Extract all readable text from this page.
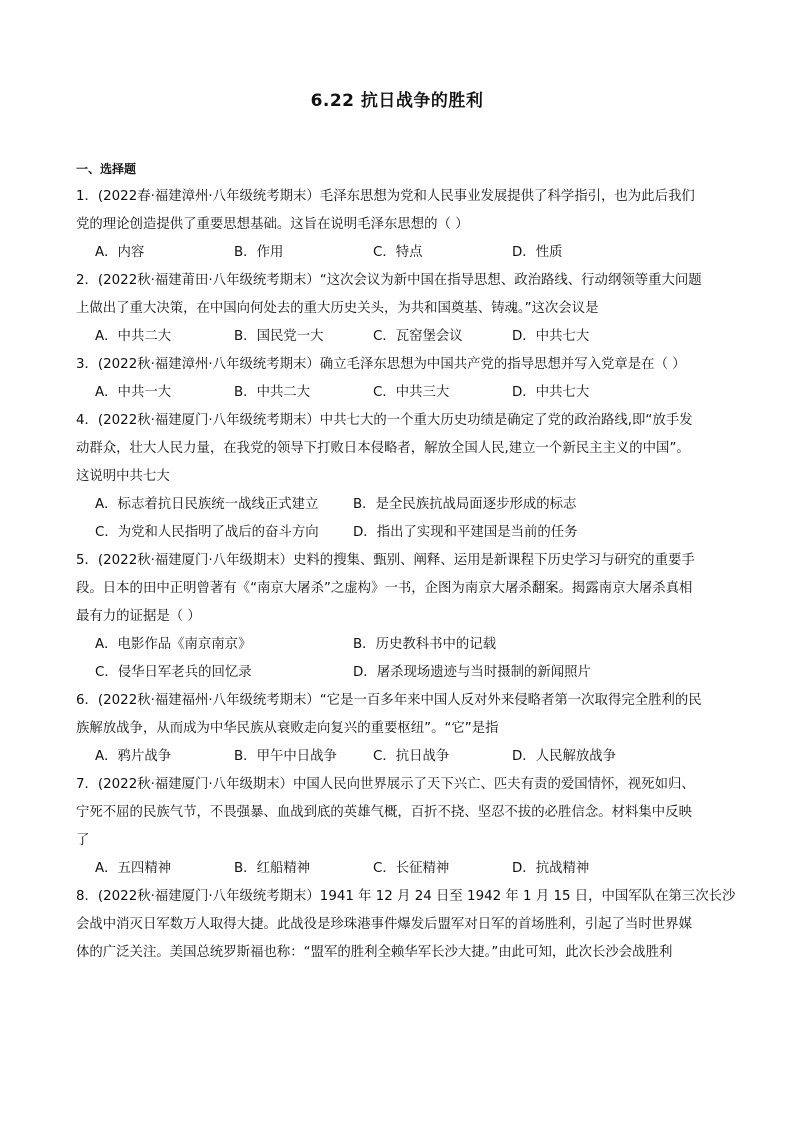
6.22 抗日战争的胜利
一、选择题
1．(2022春·福建漳州·八年级统考期末）毛泽东思想为党和人民事业发展提供了科学指引，也为此后我们
党的理论创造提供了重要思想基础。这旨在说明毛泽东思想的（ ）
A．内容	B．作用	C．特点	D．性质
2．(2022秋·福建莆田·八年级统考期末）“这次会议为新中国在指导思想、政治路线、行动纲领等重大问题
上做出了重大决策，在中国向何处去的重大历史关头，为共和国奠基、铸魂。”这次会议是
A．中共二大	B．国民党一大	C．瓦窑堡会议	D．中共七大
3．(2022秋·福建漳州·八年级统考期末）确立毛泽东思想为中国共产党的指导思想并写入党章是在（ ）
A．中共一大	B．中共二大	C．中共三大	D．中共七大
4．(2022秋·福建厦门·八年级统考期末）中共七大的一个重大历史功绩是确定了党的政治路线,即“放手发
动群众，壮大人民力量，在我党的领导下打败日本侵略者，解放全国人民,建立一个新民主主义的中国”。
这说明中共七大
A．标志着抗日民族统一战线正式建立	B．是全民族抗战局面逐步形成的标志
C．为党和人民指明了战后的奋斗方向	D．指出了实现和平建国是当前的任务
5．(2022秋·福建厦门·八年级期末）史料的搜集、甄别、阐释、运用是新课程下历史学习与研究的重要手
段。日本的田中正明曾著有《“南京大屠杀”之虚构》一书，企图为南京大屠杀翻案。揭露南京大屠杀真相
最有力的证据是（ ）
A．电影作品《南京南京》	B．历史教科书中的记载
C．侵华日军老兵的回忆录	D．屠杀现场遗迹与当时摄制的新闻照片
6．(2022秋·福建福州·八年级统考期末）“它是一百多年来中国人反对外来侵略者第一次取得完全胜利的民
族解放战争，从而成为中华民族从衰败走向复兴的重要枢纽”。“它”是指
A．鸦片战争	B．甲午中日战争	C．抗日战争	D．人民解放战争
7．(2022秋·福建厦门·八年级期末）中国人民向世界展示了天下兴亡、匹夫有责的爱国情怀，视死如归、
宁死不屈的民族气节，不畏强暴、血战到底的英雄气概，百折不挠、坚忍不拔的必胜信念。材料集中反映
了
A．五四精神	B．红船精神	C．长征精神	D．抗战精神
8．(2022秋·福建厦门·八年级统考期末）1941 年 12 月 24 日至 1942 年 1 月 15 日，中国军队在第三次长沙
会战中消灭日军数万人取得大捷。此战役是珍珠港事件爆发后盟军对日军的首场胜利，引起了当时世界媒
体的广泛关注。美国总统罗斯福也称：“盟军的胜利全赖华军长沙大捷。”由此可知，此次长沙会战胜利
